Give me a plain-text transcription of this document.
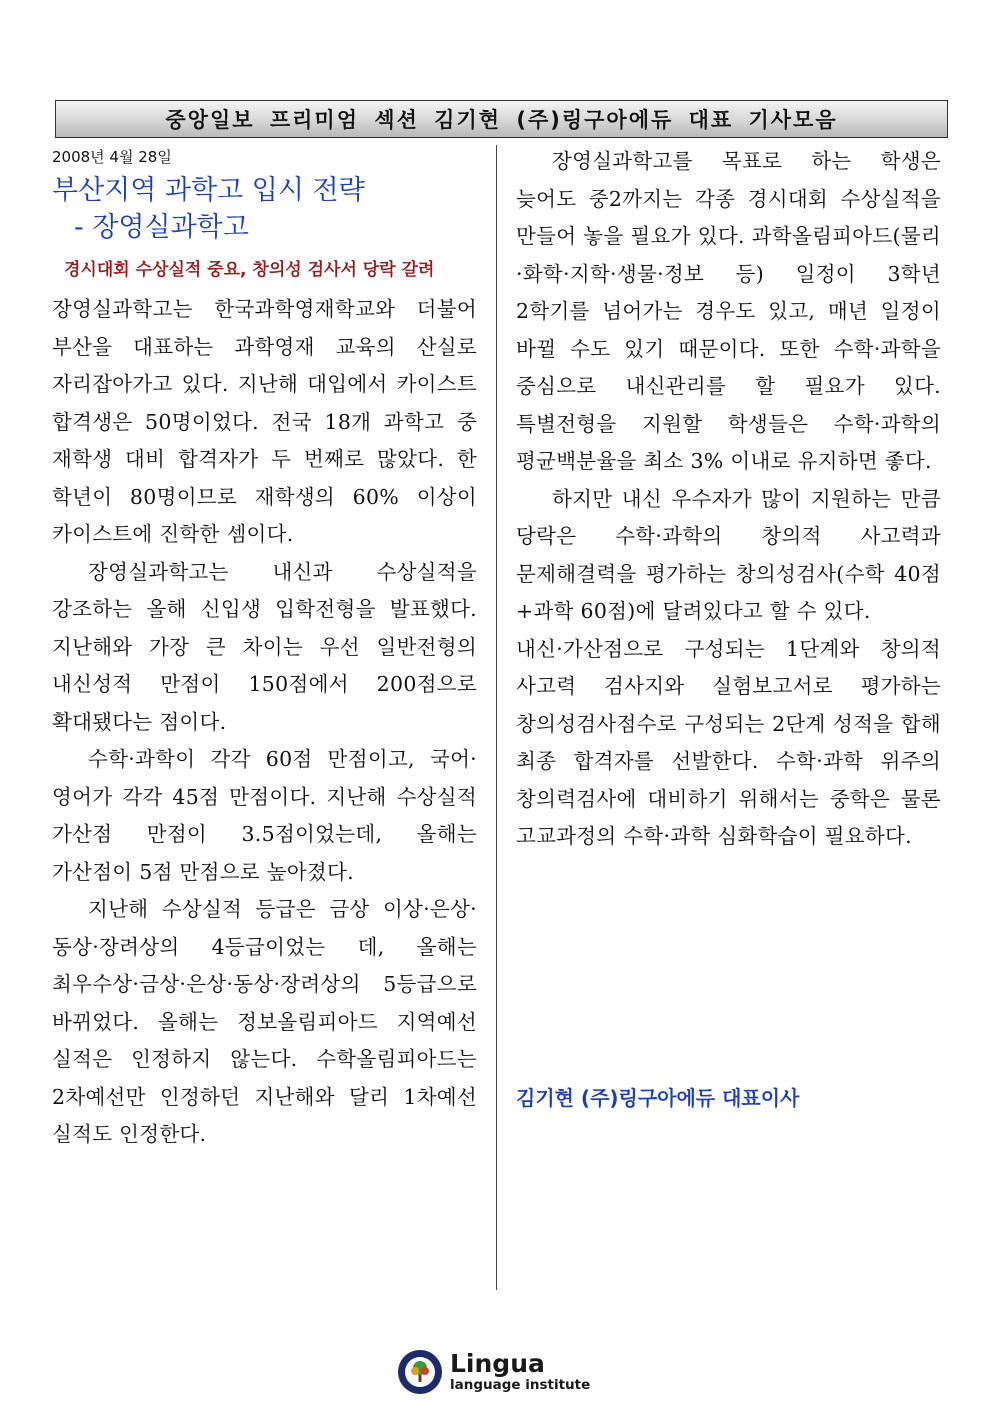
중앙일보 프리미엄 섹션 김기현 (주)링구아에듀 대표 기사모음
2008년 4월 28일
부산지역 과학고 입시 전략
- 장영실과학고
경시대회 수상실적 중요, 창의성 검사서 당락 갈려

장영실과학고는 한국과학영재학교와 더불어 부산을 대표하는 과학영재 교육의 산실로 자리잡아가고 있다. 지난해 대입에서 카이스트 합격생은 50명이었다. 전국 18개 과학고 중 재학생 대비 합격자가 두 번째로 많았다. 한 학년이 80명이므로 재학생의 60% 이상이 카이스트에 진학한 셈이다.

장영실과학고는 내신과 수상실적을 강조하는 올해 신입생 입학전형을 발표했다. 지난해와 가장 큰 차이는 우선 일반전형의 내신성적 만점이 150점에서 200점으로 확대됐다는 점이다.

수학·과학이 각각 60점 만점이고, 국어·영어가 각각 45점 만점이다. 지난해 수상실적 가산점 만점이 3.5점이었는데, 올해는 가산점이 5점 만점으로 높아졌다.

지난해 수상실적 등급은 금상 이상·은상·동상·장려상의 4등급이었는 데, 올해는 최우수상·금상·은상·동상·장려상의 5등급으로 바뀌었다. 올해는 정보올림피아드 지역예선 실적은 인정하지 않는다. 수학올림피아드는 2차예선만 인정하던 지난해와 달리 1차예선 실적도 인정한다.

장영실과학고를 목표로 하는 학생은 늦어도 중2까지는 각종 경시대회 수상실적을 만들어 놓을 필요가 있다. 과학올림피아드(물리·화학·지학·생물·정보 등) 일정이 3학년 2학기를 넘어가는 경우도 있고, 매년 일정이 바뀔 수도 있기 때문이다. 또한 수학·과학을 중심으로 내신관리를 할 필요가 있다. 특별전형을 지원할 학생들은 수학·과학의 평균백분율을 최소 3% 이내로 유지하면 좋다.

하지만 내신 우수자가 많이 지원하는 만큼 당락은 수학·과학의 창의적 사고력과 문제해결력을 평가하는 창의성검사(수학 40점+과학 60점)에 달려있다고 할 수 있다.

내신·가산점으로 구성되는 1단계와 창의적 사고력 검사지와 실험보고서로 평가하는 창의성검사점수로 구성되는 2단계 성적을 합해 최종 합격자를 선발한다. 수학·과학 위주의 창의력검사에 대비하기 위해서는 중학은 물론 고교과정의 수학·과학 심화학습이 필요하다.

김기현 (주)링구아에듀 대표이사
Lingua
language institute
